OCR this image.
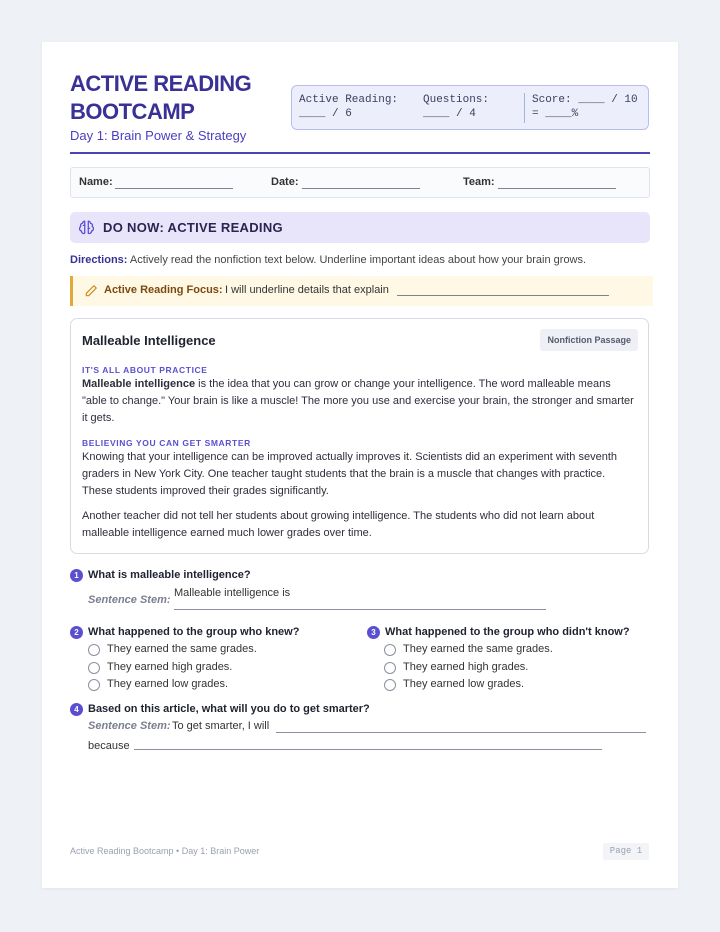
ACTIVE READING BOOTCAMP
Day 1: Brain Power & Strategy
Active Reading:
____ / 6
Questions:
____ / 4
Score: ____ / 10
= ____%
Name:	Date:	Team:
DO NOW: ACTIVE READING
Directions: Actively read the nonfiction text below. Underline important ideas about how your brain grows.
Active Reading Focus: I will underline details that explain
Malleable Intelligence	Nonfiction Passage
IT'S ALL ABOUT PRACTICE
Malleable intelligence is the idea that you can grow or change your intelligence. The word malleable means "able to change." Your brain is like a muscle! The more you use and exercise your brain, the stronger and smarter it gets.
BELIEVING YOU CAN GET SMARTER
Knowing that your intelligence can be improved actually improves it. Scientists did an experiment with seventh graders in New York City. One teacher taught students that the brain is a muscle that changes with practice. These students improved their grades significantly.
Another teacher did not tell her students about growing intelligence. The students who did not learn about malleable intelligence earned much lower grades over time.
1 What is malleable intelligence?
Sentence Stem:
Malleable intelligence is
2 What happened to the group who knew?
They earned the same grades.
They earned high grades.
They earned low grades.
3 What happened to the group who didn't know?
They earned the same grades.
They earned high grades.
They earned low grades.
4 Based on this article, what will you do to get smarter?
Sentence Stem: To get smarter, I will
because
Active Reading Bootcamp • Day 1: Brain Power	Page 1
